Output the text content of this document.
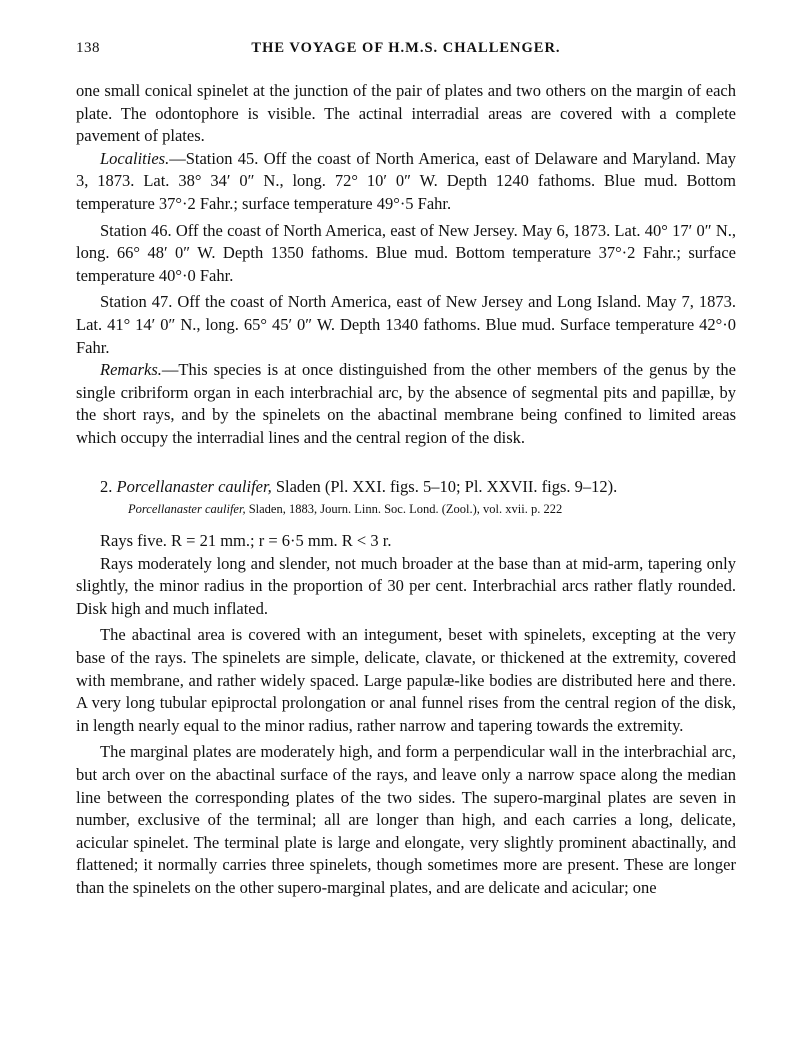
138	THE VOYAGE OF H.M.S. CHALLENGER.

one small conical spinelet at the junction of the pair of plates and two others on the margin of each plate. The odontophore is visible. The actinal interradial areas are covered with a complete pavement of plates.

Localities.—Station 45. Off the coast of North America, east of Delaware and Maryland. May 3, 1873. Lat. 38° 34′ 0″ N., long. 72° 10′ 0″ W. Depth 1240 fathoms. Blue mud. Bottom temperature 37°·2 Fahr.; surface temperature 49°·5 Fahr.

Station 46. Off the coast of North America, east of New Jersey. May 6, 1873. Lat. 40° 17′ 0″ N., long. 66° 48′ 0″ W. Depth 1350 fathoms. Blue mud. Bottom temperature 37°·2 Fahr.; surface temperature 40°·0 Fahr.

Station 47. Off the coast of North America, east of New Jersey and Long Island. May 7, 1873. Lat. 41° 14′ 0″ N., long. 65° 45′ 0″ W. Depth 1340 fathoms. Blue mud. Surface temperature 42°·0 Fahr.

Remarks.—This species is at once distinguished from the other members of the genus by the single cribriform organ in each interbrachial arc, by the absence of segmental pits and papillæ, by the short rays, and by the spinelets on the abactinal membrane being confined to limited areas which occupy the interradial lines and the central region of the disk.

2. Porcellanaster caulifer, Sladen (Pl. XXI. figs. 5–10; Pl. XXVII. figs. 9–12).

Porcellanaster caulifer, Sladen, 1883, Journ. Linn. Soc. Lond. (Zool.), vol. xvii. p. 222

Rays five. R = 21 mm.; r = 6·5 mm. R < 3 r.

Rays moderately long and slender, not much broader at the base than at mid-arm, tapering only slightly, the minor radius in the proportion of 30 per cent. Interbrachial arcs rather flatly rounded. Disk high and much inflated.

The abactinal area is covered with an integument, beset with spinelets, excepting at the very base of the rays. The spinelets are simple, delicate, clavate, or thickened at the extremity, covered with membrane, and rather widely spaced. Large papulæ-like bodies are distributed here and there. A very long tubular epiproctal prolongation or anal funnel rises from the central region of the disk, in length nearly equal to the minor radius, rather narrow and tapering towards the extremity.

The marginal plates are moderately high, and form a perpendicular wall in the interbrachial arc, but arch over on the abactinal surface of the rays, and leave only a narrow space along the median line between the corresponding plates of the two sides. The supero-marginal plates are seven in number, exclusive of the terminal; all are longer than high, and each carries a long, delicate, acicular spinelet. The terminal plate is large and elongate, very slightly prominent abactinally, and flattened; it normally carries three spinelets, though sometimes more are present. These are longer than the spinelets on the other supero-marginal plates, and are delicate and acicular; one
